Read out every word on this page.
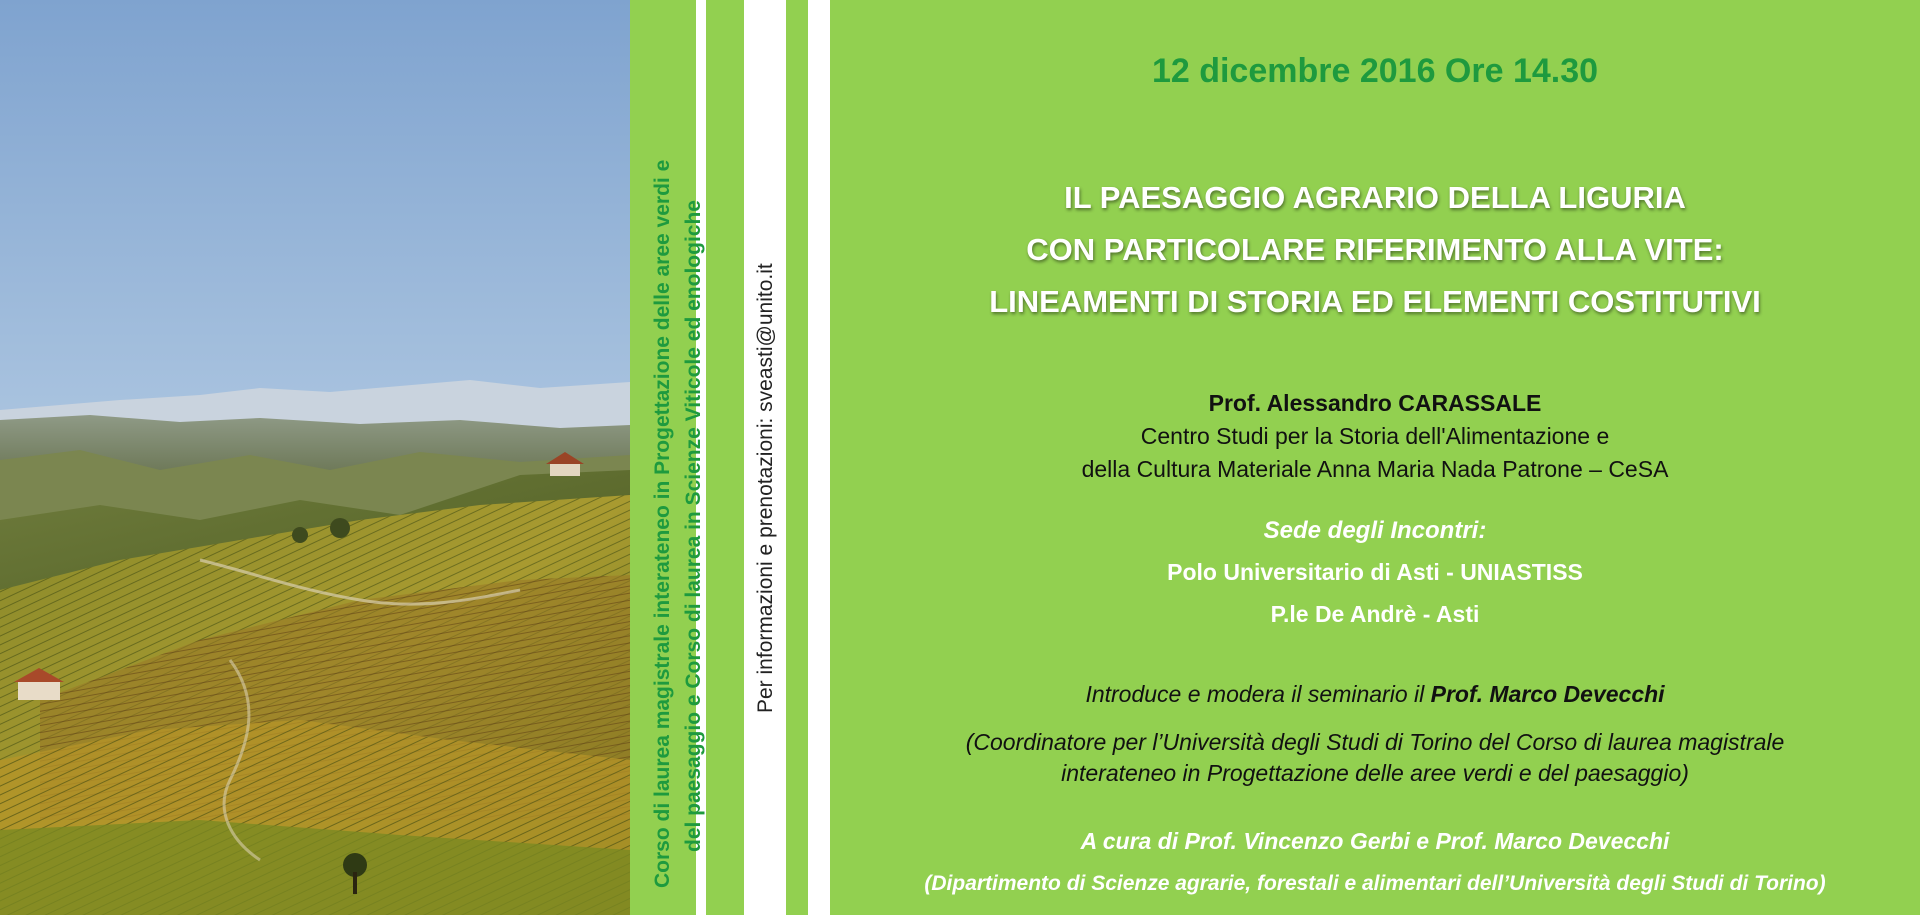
Corso di laurea magistrale interateneo in Progettazione delle aree verdi e del paesaggio e Corso di laurea in Scienze Viticole ed enologiche Per informazioni e prenotazioni: sveasti@unito.it
12 dicembre 2016 Ore 14.30
IL PAESAGGIO AGRARIO DELLA LIGURIA
CON PARTICOLARE RIFERIMENTO ALLA VITE:
LINEAMENTI DI STORIA ED ELEMENTI COSTITUTIVI
Prof. Alessandro CARASSALE
Centro Studi per la Storia dell'Alimentazione e
della Cultura Materiale Anna Maria Nada Patrone – CeSA
Sede degli Incontri:
Polo Universitario di Asti - UNIASTISS
P.le De Andrè - Asti
Introduce e modera il seminario il Prof. Marco Devecchi
(Coordinatore per l’Università degli Studi di Torino del Corso di laurea magistrale
interateneo in Progettazione delle aree verdi e del paesaggio)
A cura di Prof. Vincenzo Gerbi e Prof. Marco Devecchi
(Dipartimento di Scienze agrarie, forestali e alimentari dell’Università degli Studi di Torino)
